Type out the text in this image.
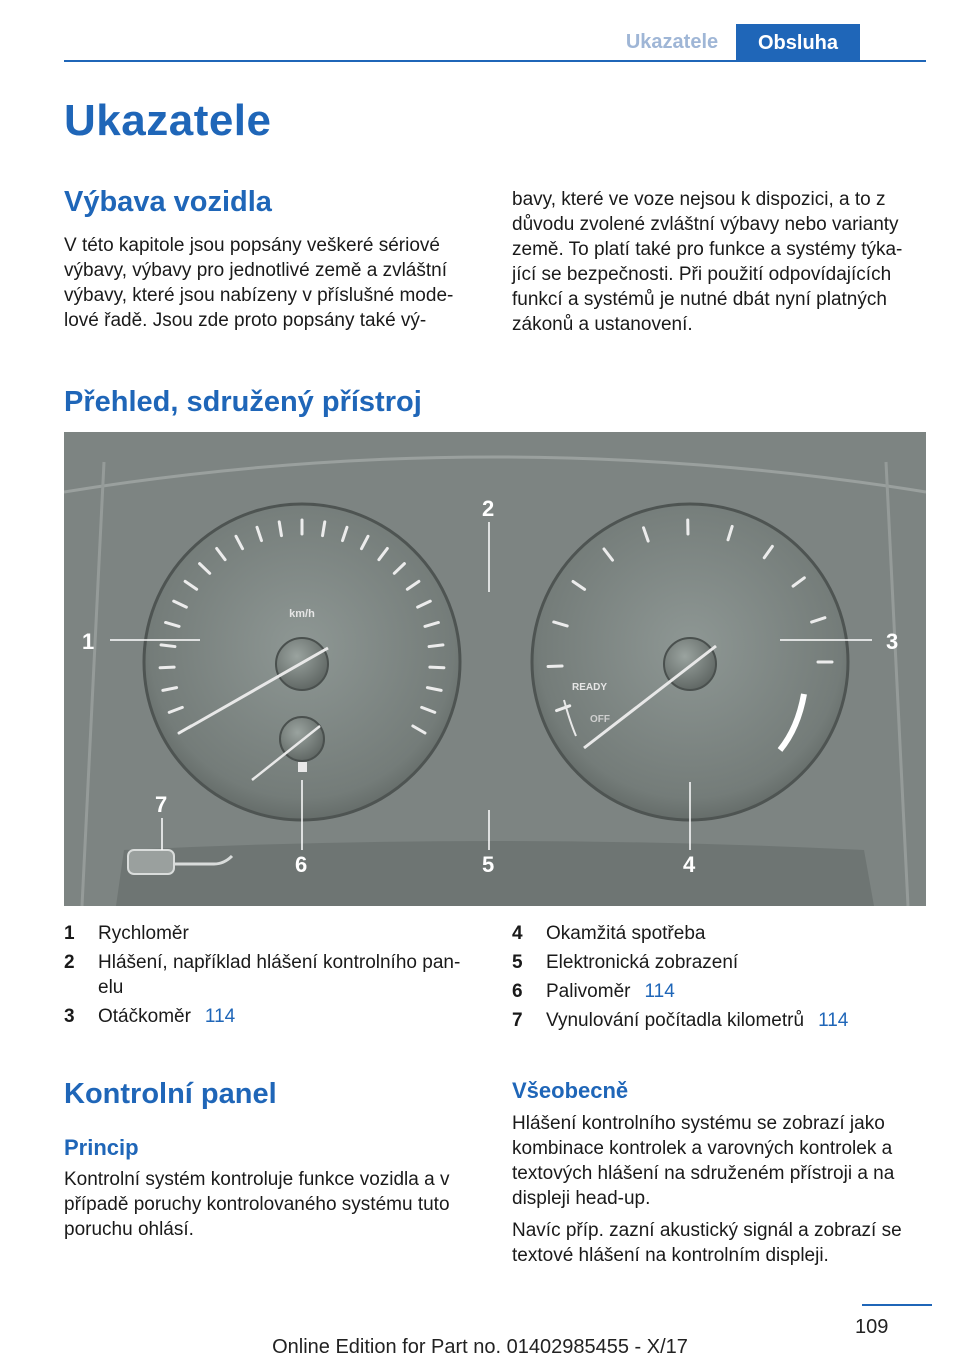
Ukazatele	Obsluha
Ukazatele
Výbava vozidla
V této kapitole jsou popsány veškeré sériové
výbavy, výbavy pro jednotlivé země a zvláštní
výbavy, které jsou nabízeny v příslušné mode-
lové řadě. Jsou zde proto popsány také vý-
bavy, které ve voze nejsou k dispozici, a to z
důvodu zvolené zvláštní výbavy nebo varianty
země. To platí také pro funkce a systémy týka-
jící se bezpečnosti. Při použití odpovídajících
funkcí a systémů je nutné dbát nyní platných
zákonů a ustanovení.
Přehled, sdružený přístroj
km/h
READY
OFF
1
2
3
4
5
6
7
1	Rychloměr
2	Hlášení, například hlášení kontrolního pan-
elu
3	Otáčkoměr 114
4	Okamžitá spotřeba
5	Elektronická zobrazení
6	Palivoměr 114
7	Vynulování počítadla kilometrů 114
Kontrolní panel
Princip
Kontrolní systém kontroluje funkce vozidla a v
případě poruchy kontrolovaného systému tuto
poruchu ohlásí.
Všeobecně
Hlášení kontrolního systému se zobrazí jako
kombinace kontrolek a varovných kontrolek a
textových hlášení na sdruženém přístroji a na
displeji head-up.
Navíc příp. zazní akustický signál a zobrazí se
textové hlášení na kontrolním displeji.
109
Online Edition for Part no. 01402985455 - X/17
